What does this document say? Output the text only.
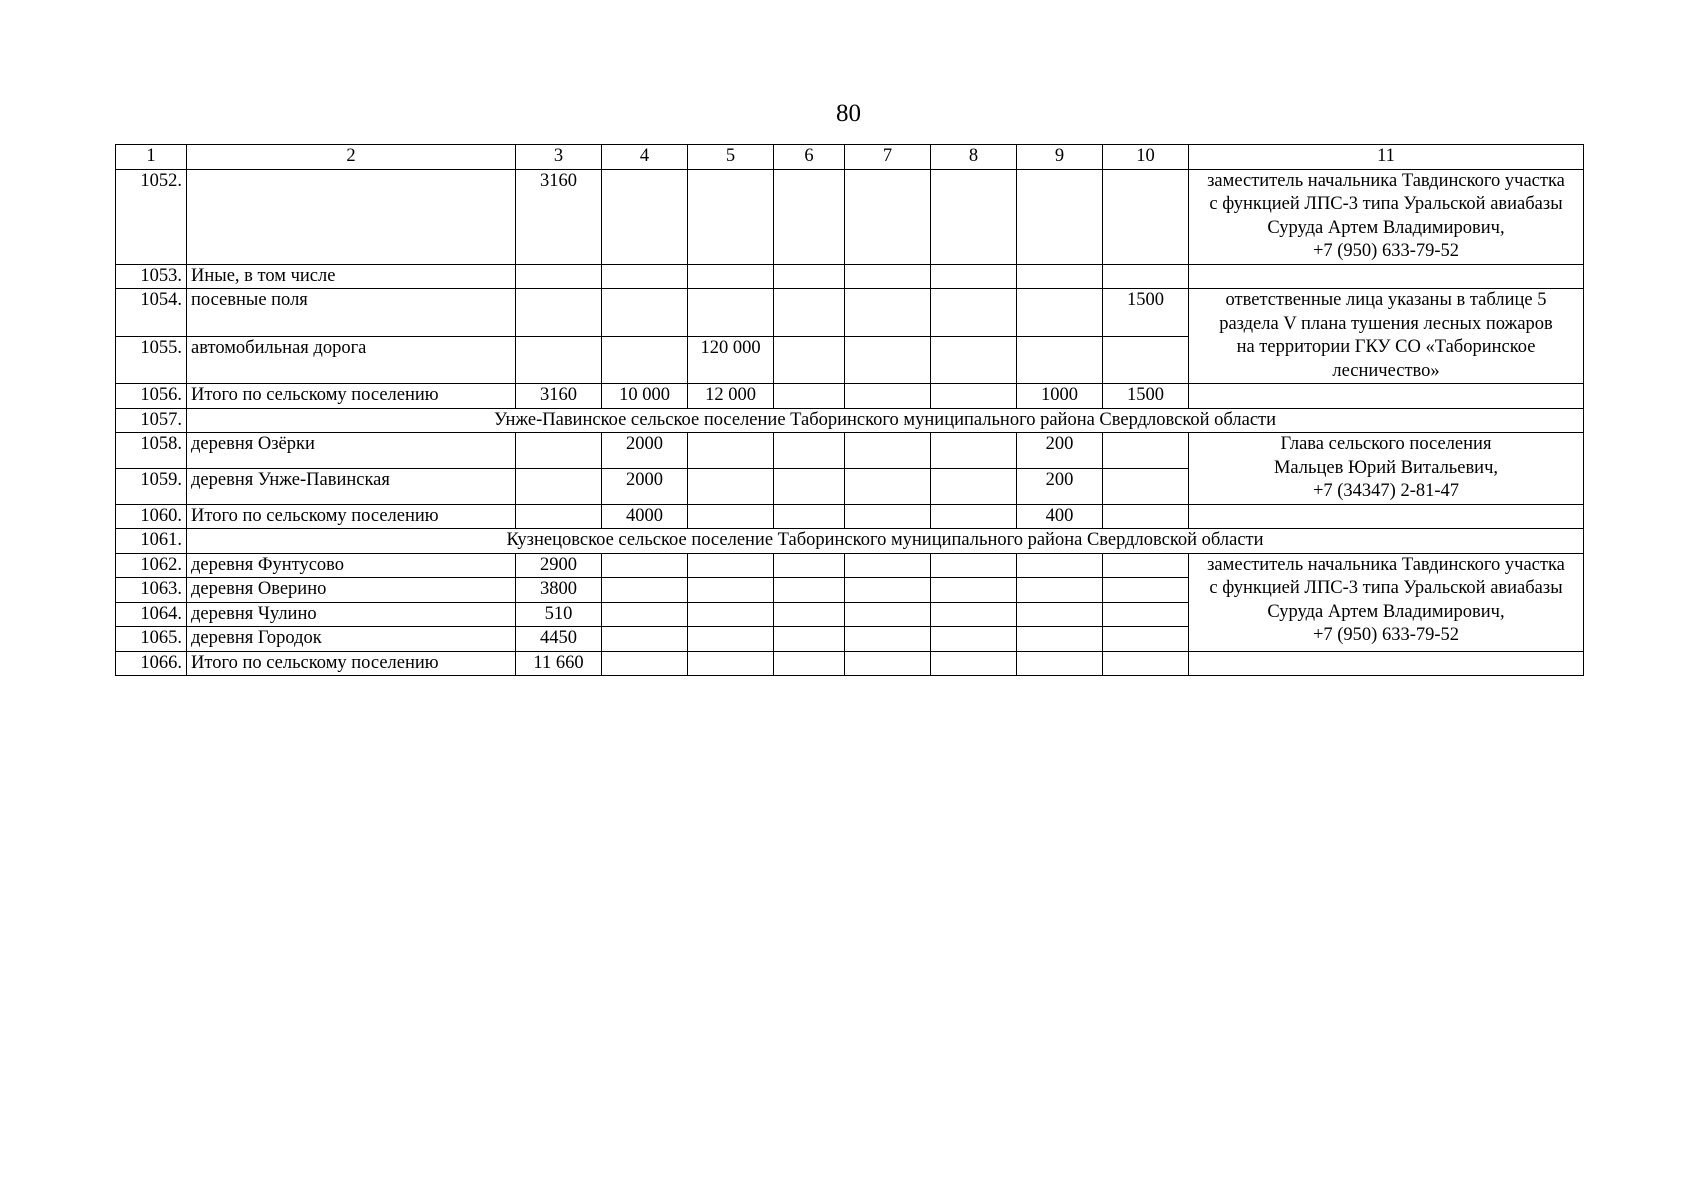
80
1	2	3	4	5	6	7	8	9	10	11
1052.		3160								заместитель начальника Тавдинского участка
с функцией ЛПС-3 типа Уральской авиабазы
Суруда Артем Владимирович,
+7 (950) 633-79-52

1053.	Иные, в том числе									
1054.	посевные поля								1500	ответственные лица указаны в таблице 5
раздела V плана тушения лесных пожаров
на территории ГКУ СО «Таборинское
лесничество»

1055.	автомобильная дорога			120 000						
1056.	Итого по сельскому поселению	3160	10 000	12 000				1000	1500	
1057.	Унже-Павинское сельское поселение Таборинского муниципального района Свердловской области									
1058.	деревня Озёрки		2000					200		Глава сельского поселения
Мальцев Юрий Витальевич,
+7 (34347) 2-81-47

1059.	деревня Унже-Павинская		2000					200		
1060.	Итого по сельскому поселению		4000					400		
1061.	Кузнецовское сельское поселение Таборинского муниципального района Свердловской области									
1062.	деревня Фунтусово	2900								заместитель начальника Тавдинского участка
с функцией ЛПС-3 типа Уральской авиабазы
Суруда Артем Владимирович,
+7 (950) 633-79-52

1063.	деревня Оверино	3800								
1064.	деревня Чулино	510								
1065.	деревня Городок	4450								
1066.	Итого по сельскому поселению	11 660								
